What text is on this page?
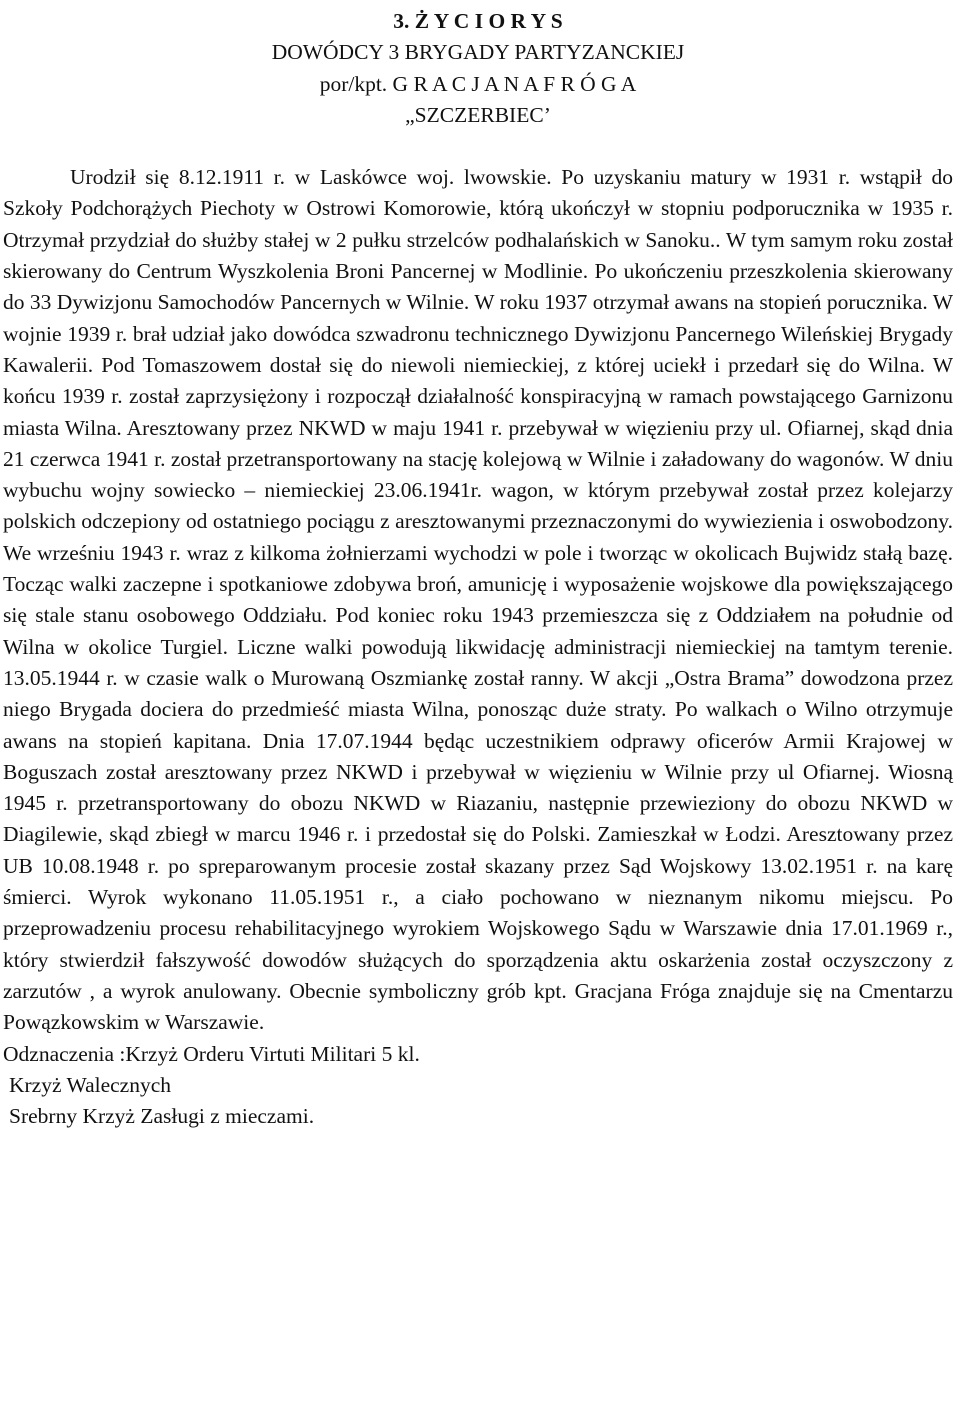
3. Ż Y C I O R Y S
DOWÓDCY 3 BRYGADY PARTYZANCKIEJ
por/kpt. G R A C J A N A F R Ó G A
„SZCZERBIEC’

Urodził się 8.12.1911 r. w Laskówce woj. lwowskie. Po uzyskaniu matury w 1931 r. wstąpił do Szkoły Podchorążych Piechoty w Ostrowi Komorowie, którą ukończył w stopniu podporucznika w 1935 r. Otrzymał przydział do służby stałej w 2 pułku strzelców podhalańskich w Sanoku.. W tym samym roku został skierowany do Centrum Wyszkolenia Broni Pancernej w Modlinie. Po ukończeniu przeszkolenia skierowany do 33 Dywizjonu Samochodów Pancernych w Wilnie. W roku 1937 otrzymał awans na stopień porucznika. W wojnie 1939 r. brał udział jako dowódca szwadronu technicznego Dywizjonu Pancernego Wileńskiej Brygady Kawalerii. Pod Tomaszowem dostał się do niewoli niemieckiej, z której uciekł i przedarł się do Wilna. W końcu 1939 r. został zaprzysiężony i rozpoczął działalność konspiracyjną w ramach powstającego Garnizonu miasta Wilna. Aresztowany przez NKWD w maju 1941 r. przebywał w więzieniu przy ul. Ofiarnej, skąd dnia 21 czerwca 1941 r. został przetransportowany na stację kolejową w Wilnie i załadowany do wagonów. W dniu wybuchu wojny sowiecko – niemieckiej 23.06.1941r. wagon, w którym przebywał został przez kolejarzy polskich odczepiony od ostatniego pociągu z aresztowanymi przeznaczonymi do wywiezienia i oswobodzony. We wrześniu 1943 r. wraz z kilkoma żołnierzami wychodzi w pole i tworząc w okolicach Bujwidz stałą bazę. Tocząc walki zaczepne i spotkaniowe zdobywa broń, amunicję i wyposażenie wojskowe dla powiększającego się stale stanu osobowego Oddziału. Pod koniec roku 1943 przemieszcza się z Oddziałem na południe od Wilna w okolice Turgiel. Liczne walki powodują likwidację administracji niemieckiej na tamtym terenie. 13.05.1944 r. w czasie walk o Murowaną Oszmiankę został ranny. W akcji „Ostra Brama” dowodzona przez niego Brygada dociera do przedmieść miasta Wilna, ponosząc duże straty. Po walkach o Wilno otrzymuje awans na stopień kapitana. Dnia 17.07.1944 będąc uczestnikiem odprawy oficerów Armii Krajowej w Boguszach został aresztowany przez NKWD i przebywał w więzieniu w Wilnie przy ul Ofiarnej. Wiosną 1945 r. przetransportowany do obozu NKWD w Riazaniu, następnie przewieziony do obozu NKWD w Diagilewie, skąd zbiegł w marcu 1946 r. i przedostał się do Polski. Zamieszkał w Łodzi. Aresztowany przez UB 10.08.1948 r. po spreparowanym procesie został skazany przez Sąd Wojskowy 13.02.1951 r. na karę śmierci. Wyrok wykonano 11.05.1951 r., a ciało pochowano w nieznanym nikomu miejscu. Po przeprowadzeniu procesu rehabilitacyjnego wyrokiem Wojskowego Sądu w Warszawie dnia 17.01.1969 r., który stwierdził fałszywość dowodów służących do sporządzenia aktu oskarżenia został oczyszczony z zarzutów , a wyrok anulowany. Obecnie symboliczny grób kpt. Gracjana Fróga znajduje się na Cmentarzu Powązkowskim w Warszawie.

Odznaczenia :Krzyż Orderu Virtuti Militari 5 kl.
Krzyż Walecznych
Srebrny Krzyż Zasługi z mieczami.
